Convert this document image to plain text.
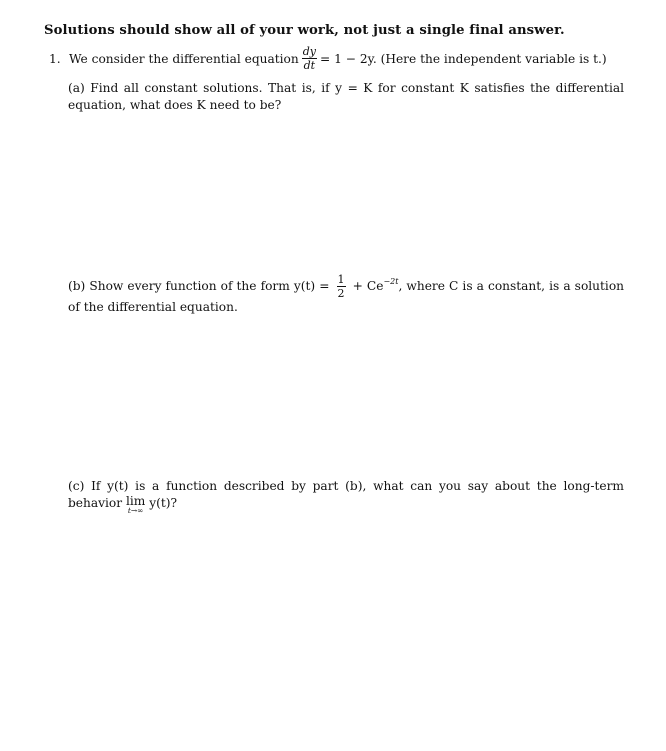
Solutions should show all of your work, not just a single final answer.
1. We consider the differential equation $\frac{dy}{dt} = 1 - 2y$. (Here the independent variable is t.)
(a) Find all constant solutions. That is, if y = K for constant K satisfies the differential equation, what does K need to be?
(b) Show every function of the form $y(t) = \frac{1}{2} + Ce^{-2t}$, where C is a constant, is a solution of the differential equation.
(c) If y(t) is a function described by part (b), what can you say about the long-term behavior lim
t→∞
y(t)?
